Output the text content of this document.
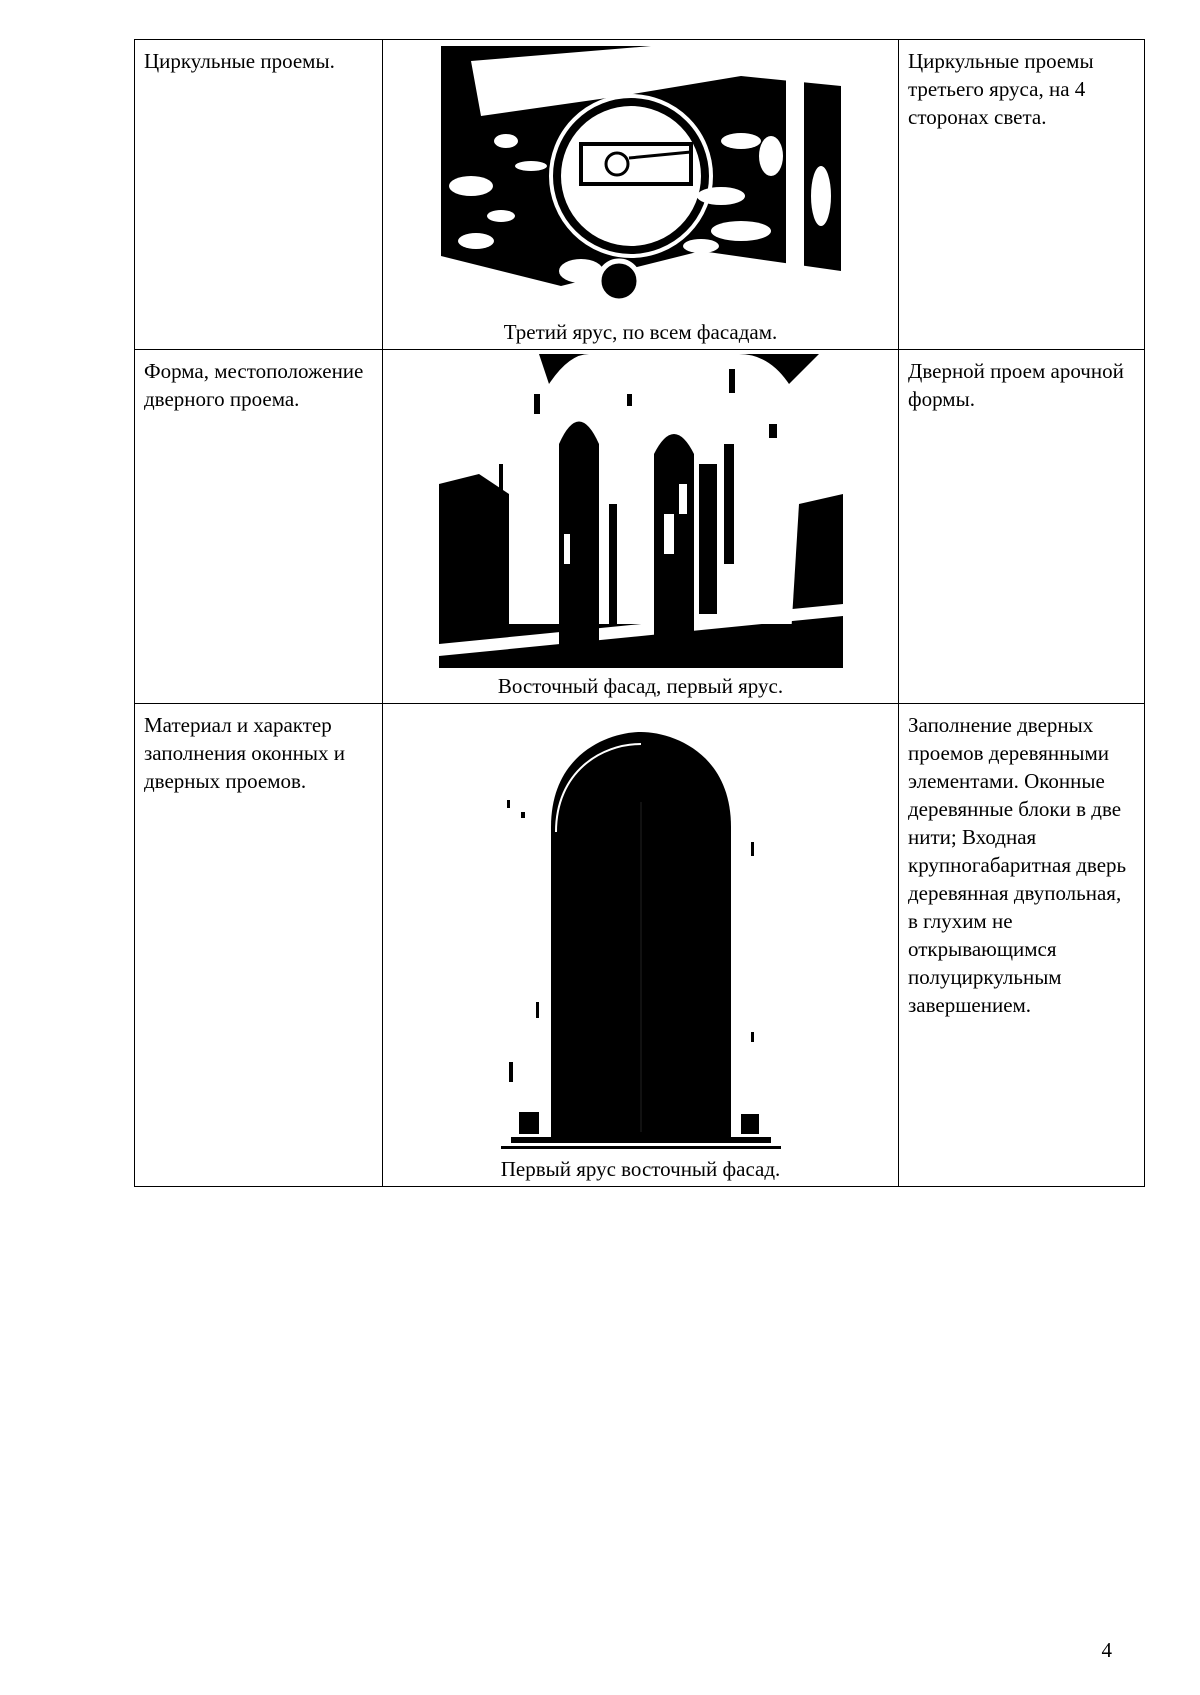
Циркульные проемы.	Третий ярус, по всем фасадам.	Циркульные проемы третьего яруса, на 4 сторонах света.

Форма, местоположение дверного проема.	Восточный фасад, первый ярус.	Дверной проем арочной формы.

Материал и характер заполнения оконных и дверных проемов.	Первый ярус восточный фасад.	Заполнение дверных проемов деревянными элементами. Оконные деревянные блоки в две нити; Входная крупногабаритная дверь деревянная двупольная, в глухим не открывающимся полуциркульным завершением.
4
